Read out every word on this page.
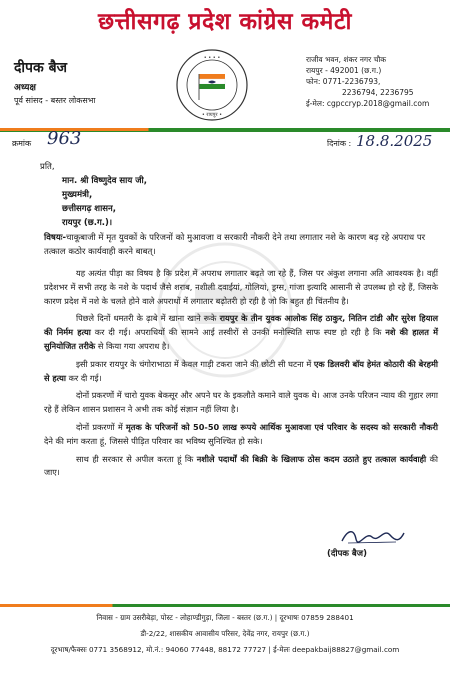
छत्तीसगढ़ प्रदेश कांग्रेस कमेटी
दीपक बैज
अध्यक्ष
पूर्व सांसद - बस्तर लोकसभा
• • • •
• रायपुर •
राजीव भवन, शंकर नगर चौक
रायपुर - 492001 (छ.ग.)
फोन: 0771-2236793,
2236794, 2236795
ई-मेल: cgpccryp.2018@gmail.com
क्रमांक 963	दिनांक : 18.8.2025
प्रति,
मान. श्री विष्णुदेव साय जी,
मुख्यमंत्री,
छत्तीसगढ़ शासन,
रायपुर (छ.ग.)।
विषयः-चाकूबाजी में मृत युवकों के परिजनों को मुआवजा व सरकारी नौकरी देने तथा लगातार नशे के कारण बढ़ रहे अपराध पर तत्काल कठोर कार्यवाही करने बाबत्।

यह अत्यंत पीड़ा का विषय है कि प्रदेश में अपराध लगातार बढ़ते जा रहे हैं, जिस पर अंकुश लगाना अति आवश्यक है। वहीं प्रदेशभर में सभी तरह के नशे के पदार्थ जैसे शराब, नशीली दवाईयां, गोलियां, ड्रग्स, गांजा इत्यादि आसानी से उपलब्ध हो रहे हैं, जिसके कारण प्रदेश में नशे के चलते होने वाले अपराधों में लगातार बढ़ोतरी हो रही है जो कि बहुत ही चिंतनीय है।

पिछले दिनों धमतरी के ढ़ाबे में खाना खाने रूके रायपुर के तीन युवक आलोक सिंह ठाकुर, नितिन टांडी और सुरेश हियाल की निर्मम हत्या कर दी गई। अपराधियों की सामने आई तस्वीरों से उनकी मनोस्थिति साफ स्पष्ट हो रही है कि नशे की हालत में सुनियोजित तरीके से किया गया अपराध है।

इसी प्रकार रायपुर के चंगोराभाठा में केवल गाड़ी टकरा जाने की छोटी सी घटना में एक डिलवरी बॉय हेमंत कोठारी की बेरहमी से हत्या कर दी गई।

दोनों प्रकरणों में चारो युवक बेकसूर और अपने घर के इकलौते कमाने वाले युवक थे। आज उनके परिजन न्याय की गुहार लगा रहे हैं लेकिन शासन प्रशासन ने अभी तक कोई संज्ञान नहीं लिया है।

दोनों प्रकरणों में मृतक के परिजनों को 50-50 लाख रूपये आर्थिक मुआवजा एवं परिवार के सदस्य को सरकारी नौकरी देने की मांग करता हूं, जिससे पीड़ित परिवार का भविष्य सुनिश्चित हो सके।

साथ ही सरकार से अपील करता हूं कि नशीले पदार्थों की बिक्री के खिलाफ ठोस कदम उठाते हुए तत्काल कार्यवाही की जाए।

(दीपक बैज)
निवास - ग्राम उसरीबेड़ा, पोस्ट - लोहाण्डीगुड़ा, जिला - बस्तर (छ.ग.) | दूरभाषः 07859 288401
डी-2/22, शासकीय आवासीय परिसर, देवेंद्र नगर, रायपुर (छ.ग.)
दूरभाष/फैक्सः 0771 3568912, मो.नं.: 94060 77448, 88172 77727 | ई-मेलः deepakbaij88827@gmail.com
